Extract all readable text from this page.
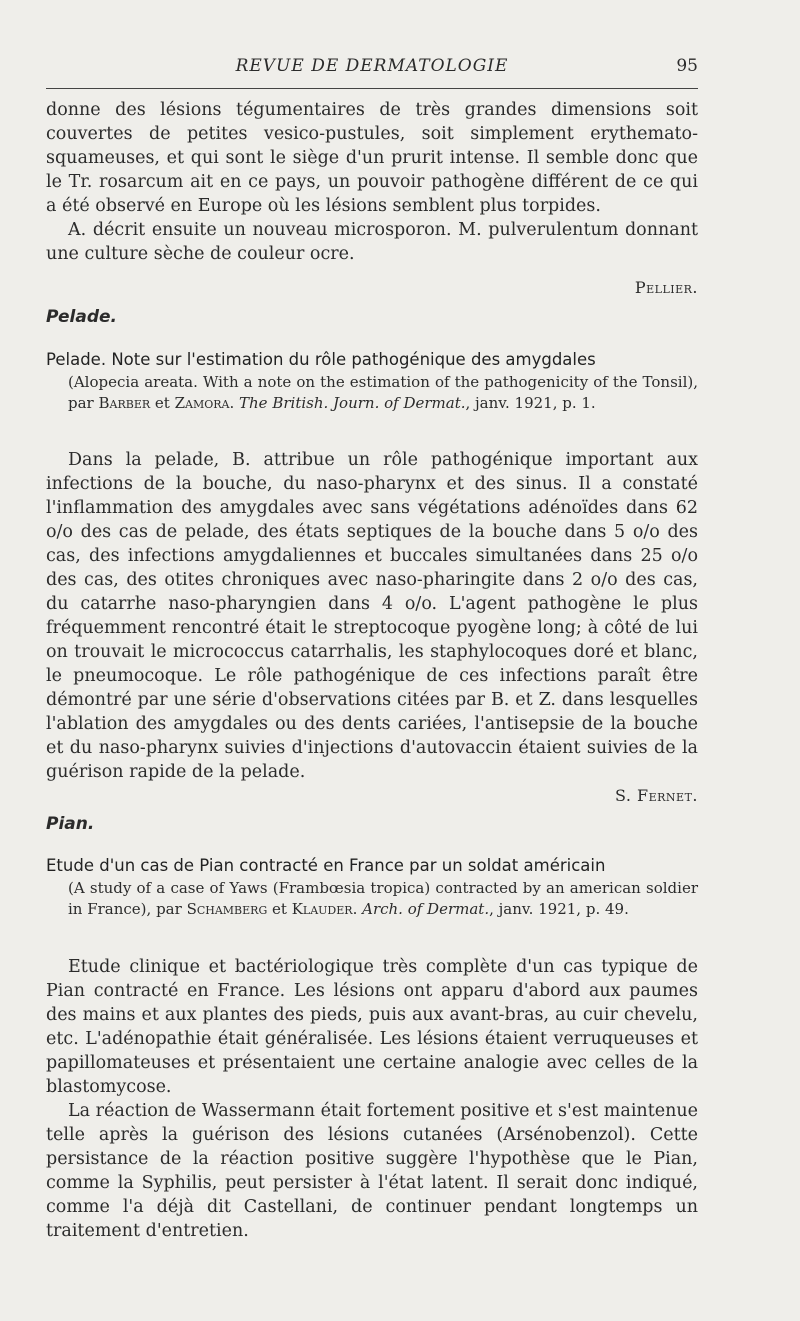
REVUE DE DERMATOLOGIE	95

donne des lésions tégumentaires de très grandes dimensions soit couvertes de petites vesico-pustules, soit simplement erythemato-squameuses, et qui sont le siège d'un prurit intense. Il semble donc que le Tr. rosarcum ait en ce pays, un pouvoir pathogène différent de ce qui a été observé en Europe où les lésions semblent plus torpides.

A. décrit ensuite un nouveau microsporon. M. pulverulentum donnant une culture sèche de couleur ocre.

Pellier.

Pelade.

Pelade. Note sur l'estimation du rôle pathogénique des amygdales

(Alopecia areata. With a note on the estimation of the pathogenicity of the Tonsil), par Barber et Zamora. The British. Journ. of Dermat., janv. 1921, p. 1.

Dans la pelade, B. attribue un rôle pathogénique important aux infections de la bouche, du naso-pharynx et des sinus. Il a constaté l'inflammation des amygdales avec sans végétations adénoïdes dans 62 o/o des cas de pelade, des états septiques de la bouche dans 5 o/o des cas, des infections amygdaliennes et buccales simultanées dans 25 o/o des cas, des otites chroniques avec naso-pharingite dans 2 o/o des cas, du catarrhe naso-pharyngien dans 4 o/o. L'agent pathogène le plus fréquemment rencontré était le streptocoque pyogène long; à côté de lui on trouvait le micrococcus catarrhalis, les staphylocoques doré et blanc, le pneumocoque. Le rôle pathogénique de ces infections paraît être démontré par une série d'observations citées par B. et Z. dans lesquelles l'ablation des amygdales ou des dents cariées, l'antisepsie de la bouche et du naso-pharynx suivies d'injections d'autovaccin étaient suivies de la guérison rapide de la pelade.

S. Fernet.

Pian.

Etude d'un cas de Pian contracté en France par un soldat américain

(A study of a case of Yaws (Frambœsia tropica) contracted by an american soldier in France), par Schamberg et Klauder. Arch. of Dermat., janv. 1921, p. 49.

Etude clinique et bactériologique très complète d'un cas typique de Pian contracté en France. Les lésions ont apparu d'abord aux paumes des mains et aux plantes des pieds, puis aux avant-bras, au cuir chevelu, etc. L'adénopathie était généralisée. Les lésions étaient verruqueuses et papillomateuses et présentaient une certaine analogie avec celles de la blastomycose.

La réaction de Wassermann était fortement positive et s'est maintenue telle après la guérison des lésions cutanées (Arsénobenzol). Cette persistance de la réaction positive suggère l'hypothèse que le Pian, comme la Syphilis, peut persister à l'état latent. Il serait donc indiqué, comme l'a déjà dit Castellani, de continuer pendant longtemps un traitement d'entretien.
